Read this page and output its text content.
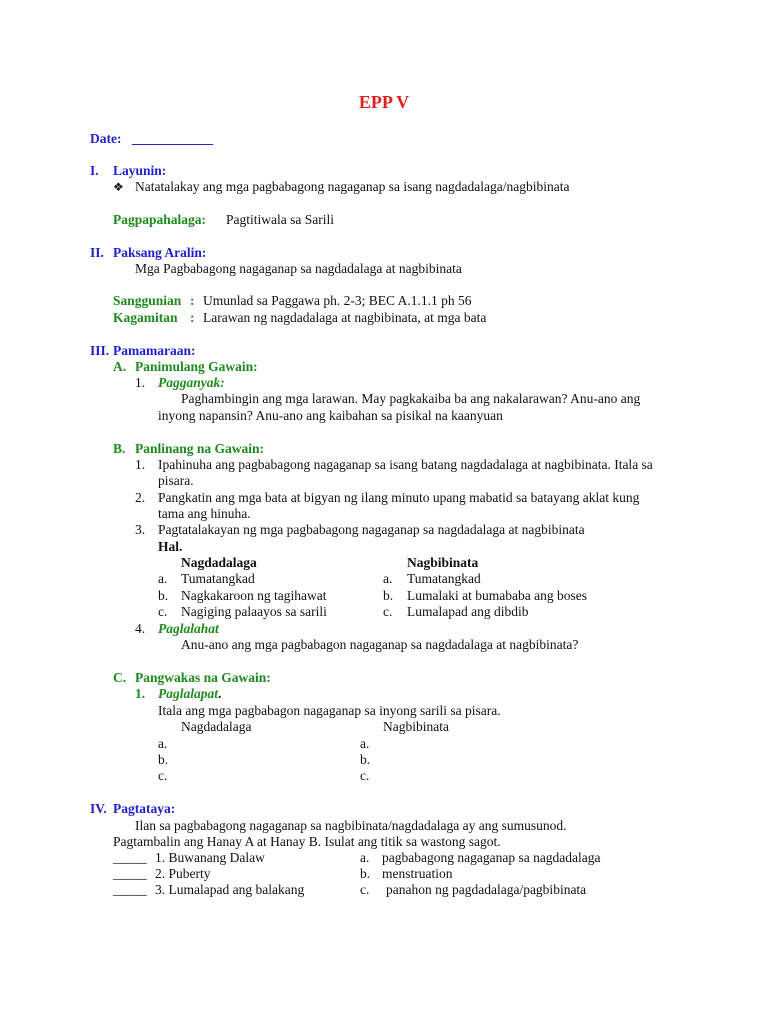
EPP V
Date: ____________
I. Layunin:
❖ Natatalakay ang mga pagbabagong nagaganap sa isang nagdadalaga/nagbibinata
Pagpapahalaga: Pagtitiwala sa Sarili
II. Paksang Aralin:
Mga Pagbabagong nagaganap sa nagdadalaga at nagbibinata
Sanggunian : Umunlad sa Paggawa ph. 2-3; BEC A.1.1.1 ph 56
Kagamitan : Larawan ng nagdadalaga at nagbibinata, at mga bata
III. Pamamaraan:
A. Panimulang Gawain:
1. Pagganyak:
Paghambingin ang mga larawan. May pagkakaiba ba ang nakalarawan? Anu-ano ang
inyong napansin? Anu-ano ang kaibahan sa pisikal na kaanyuan
B. Panlinang na Gawain:
1. Ipahinuha ang pagbabagong nagaganap sa isang batang nagdadalaga at nagbibinata. Itala sa
pisara.
2. Pangkatin ang mga bata at bigyan ng ilang minuto upang mabatid sa batayang aklat kung
tama ang hinuha.
3. Pagtatalakayan ng mga pagbabagong nagaganap sa nagdadalaga at nagbibinata
Hal.
Nagdadalaga	Nagbibinata
a. Tumatangkad	a. Tumatangkad
b. Nagkakaroon ng tagihawat	b. Lumalaki at bumababa ang boses
c. Nagiging palaayos sa sarili	c. Lumalapad ang dibdib
4. Paglalahat
Anu-ano ang mga pagbabagon nagaganap sa nagdadalaga at nagbibinata?
C. Pangwakas na Gawain:
1. Paglalapat.
Itala ang mga pagbabagon nagaganap sa inyong sarili sa pisara.
Nagdadalaga	Nagbibinata
a.	a.
b.	b.
c.	c.
IV. Pagtataya:
Ilan sa pagbabagong nagaganap sa nagbibinata/nagdadalaga ay ang sumusunod.
Pagtambalin ang Hanay A at Hanay B. Isulat ang titik sa wastong sagot.
_____ 1. Buwanang Dalaw	a. pagbabagong nagaganap sa nagdadalaga
_____ 2. Puberty	b. menstruation
_____ 3. Lumalapad ang balakang	c. panahon ng pagdadalaga/pagbibinata
